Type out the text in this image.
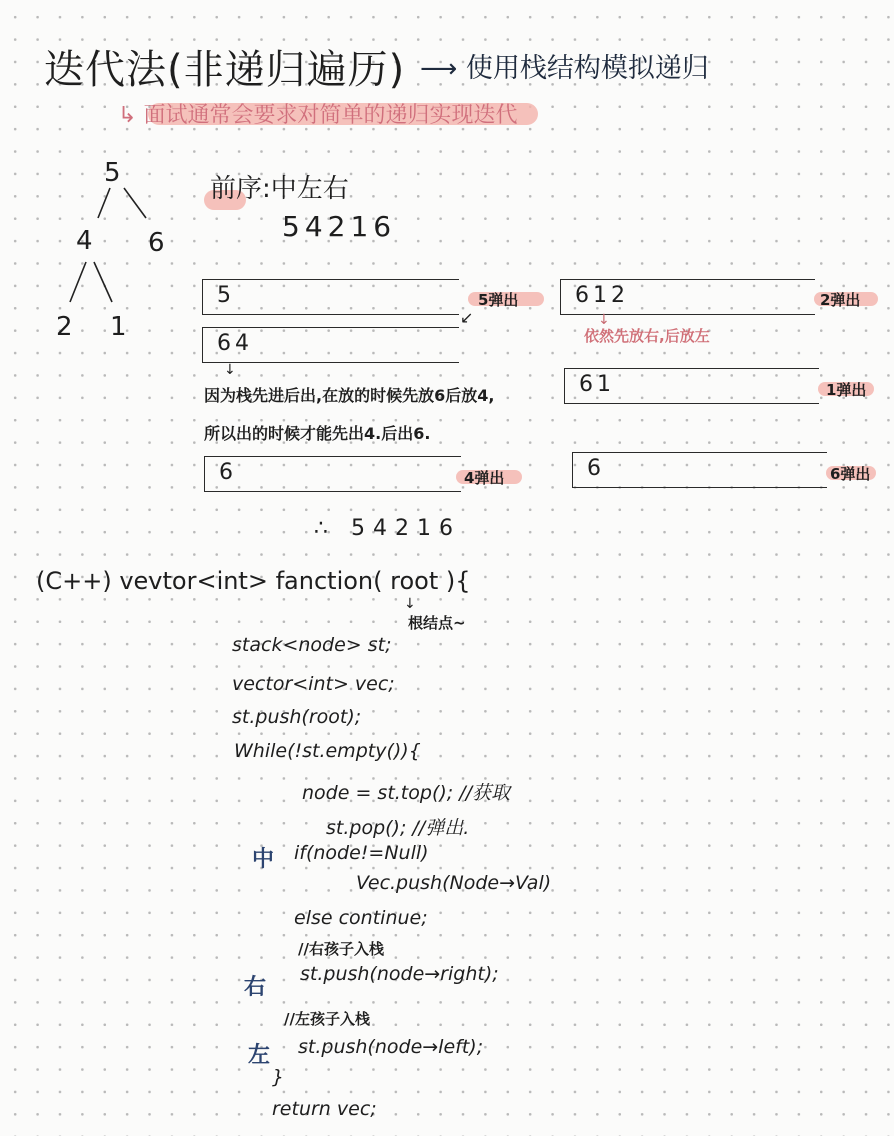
迭代法(非递归遍历) ⟶ 使用栈结构模拟递归
↳ 面试通常会要求对简单的递归实现迭代
5
4 6
2 1
前序:中左右
54216
5	5弹出
↙
64
↓
因为栈先进后出,在放的时候先放6后放4,
所以出的时候才能先出4.后出6.
6	4弹出
612	2弹出
↓
依然先放右,后放左
61	1弹出
6	6弹出
∴ 54216
(C++) vevtor<int> fanction( root ){
↓
根结点~
stack<node> st;
vector<int> vec;
st.push(root);
While(!st.empty()){
node = st.top(); //获取
st.pop(); //弹出.
中 if(node!=Null)
Vec.push(Node→Val)
else continue;
//右孩子入栈
右
st.push(node→right);
//左孩子入栈
左 st.push(node→left);
}
return vec;
